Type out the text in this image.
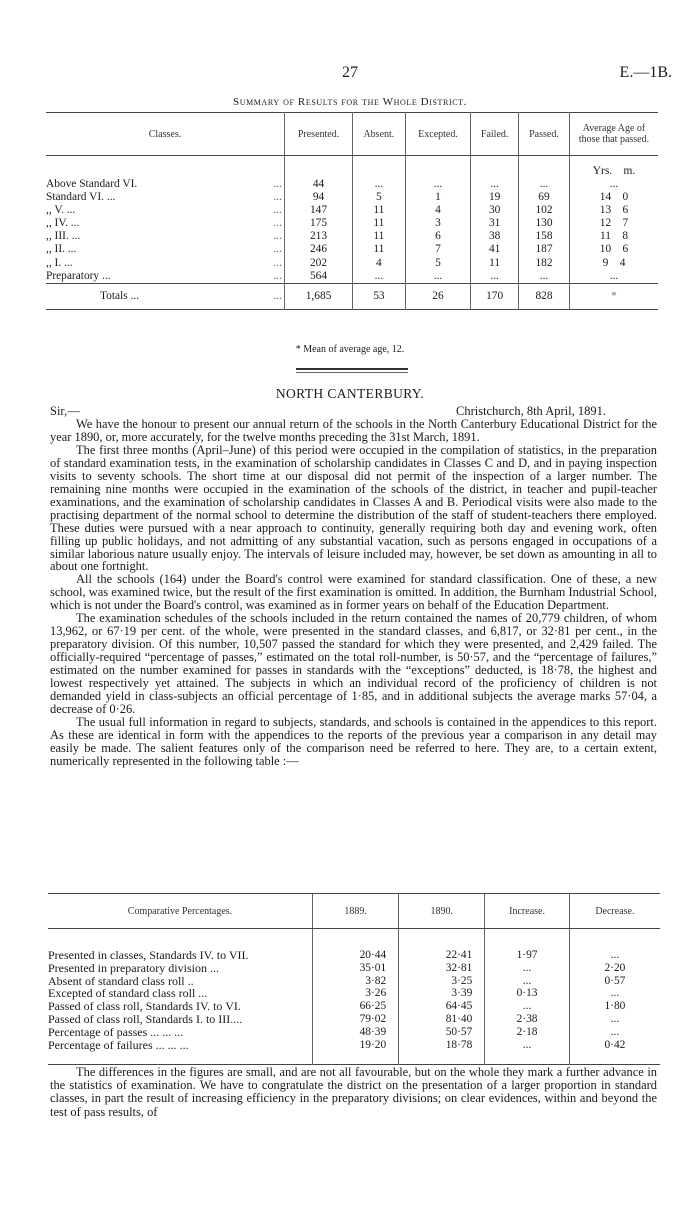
27	E.—1B.
Summary of Results for the Whole District.
Classes.		Presented.	Absent.	Excepted.	Failed.	Passed.	Average Age of those that passed.
							Yrs.    m.
Above Standard VI.	...	44	...	...	...	...	...
Standard VI. ...	...	94	5	1	19	69	14    0
,, V. ...	...	147	11	4	30	102	13    6
,, IV. ...	...	175	11	3	31	130	12    7
,, III. ...	...	213	11	6	38	158	11    8
,, II. ...	...	246	11	7	41	187	10    6
,, I. ...	...	202	4	5	11	182	9    4
Preparatory ...	...	564	...	...	...	...	...
Totals ...	...	1,685	53	26	170	828	*
* Mean of average age, 12.
NORTH CANTERBURY.
Sir,—	Christchurch, 8th April, 1891.

We have the honour to present our annual return of the schools in the North Canterbury Educational District for the year 1890, or, more accurately, for the twelve months preceding the 31st March, 1891.

The first three months (April–June) of this period were occupied in the compilation of statistics, in the preparation of standard examination tests, in the examination of scholarship candidates in Classes C and D, and in paying inspection visits to seventy schools. The short time at our disposal did not permit of the inspection of a larger number. The remaining nine months were occupied in the examination of the schools of the district, in teacher and pupil-teacher examinations, and the examination of scholarship candidates in Classes A and B. Periodical visits were also made to the practising department of the normal school to determine the distribution of the staff of student-teachers there employed. These duties were pursued with a near approach to continuity, generally requiring both day and evening work, often filling up public holidays, and not admitting of any substantial vacation, such as persons engaged in occupations of a similar laborious nature usually enjoy. The intervals of leisure included may, however, be set down as amounting in all to about one fortnight.

All the schools (164) under the Board's control were examined for standard classification. One of these, a new school, was examined twice, but the result of the first examination is omitted. In addition, the Burnham Industrial School, which is not under the Board's control, was examined as in former years on behalf of the Education Department.

The examination schedules of the schools included in the return contained the names of 20,779 children, of whom 13,962, or 67·19 per cent. of the whole, were presented in the standard classes, and 6,817, or 32·81 per cent., in the preparatory division. Of this number, 10,507 passed the standard for which they were presented, and 2,429 failed. The officially-required “percentage of passes,” estimated on the total roll-number, is 50·57, and the “percentage of failures,” estimated on the number examined for passes in standards with the “exceptions” deducted, is 18·78, the highest and lowest respectively yet attained. The subjects in which an individual record of the proficiency of children is not demanded yield in class-subjects an official percentage of 1·85, and in additional subjects the average marks 57·04, a decrease of 0·26.

The usual full information in regard to subjects, standards, and schools is contained in the appendices to this report. As these are identical in form with the appendices to the reports of the previous year a comparison in any detail may easily be made. The salient features only of the comparison need be referred to here. They are, to a certain extent, numerically represented in the following table :—

Comparative Percentages.	1889.	1890.	Increase.	Decrease.

Presented in classes, Standards IV. to VII.	20·44	22·41	1·97	...
Presented in preparatory division ...	35·01	32·81	...	2·20
Absent of standard class roll ..	3·82	3·25	...	0·57
Excepted of standard class roll ...	3·26	3·39	0·13	...
Passed of class roll, Standards IV. to VI.	66·25	64·45	...	1·80
Passed of class roll, Standards I. to III....	79·02	81·40	2·38	...
Percentage of passes ... ... ...	48·39	50·57	2·18	...
Percentage of failures ... ... ...	19·20	18·78	...	0·42

The differences in the figures are small, and are not all favourable, but on the whole they mark a further advance in the statistics of examination. We have to congratulate the district on the presentation of a larger proportion in standard classes, in part the result of increasing efficiency in the preparatory divisions; on clear evidences, within and beyond the test of pass results, of
